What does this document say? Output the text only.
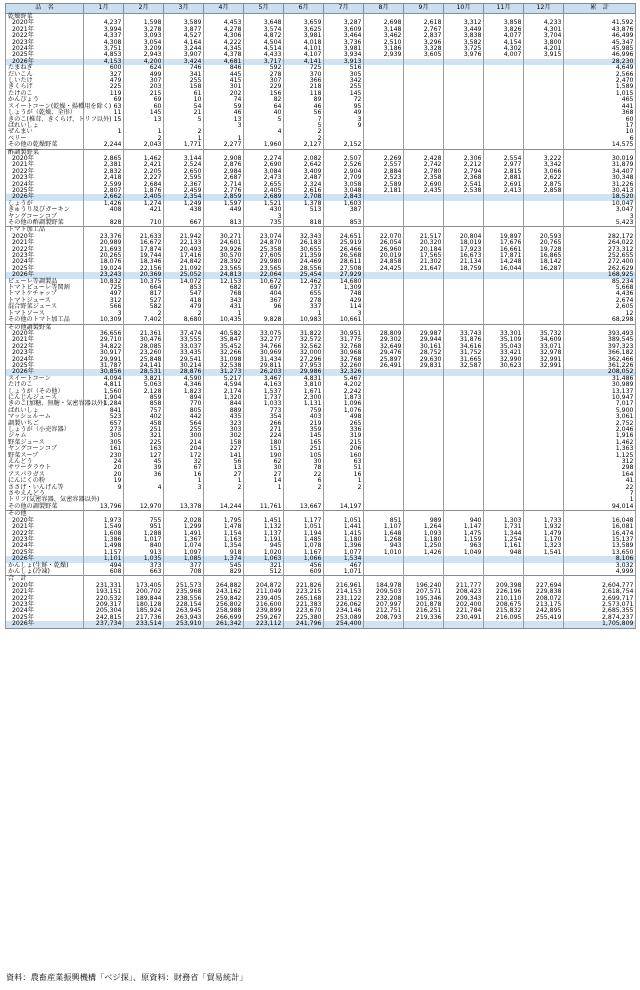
品　名	1月	2月	3月	4月	5月	6月	7月	8月	9月	10月	11月	12月	累　計
乾燥野菜													
2020年	4,237	1,598	3,589	4,453	3,648	3,659	3,287	2,698	2,618	3,312	3,858	4,233	41,592
2021年	3,994	3,278	3,877	4,278	3,574	3,625	3,609	3,148	2,767	3,449	3,826	4,301	43,876
2022年	4,337	3,093	4,527	4,306	4,872	3,981	3,464	3,462	2,837	3,838	4,077	3,704	46,499
2023年	4,308	3,054	4,164	4,222	4,504	4,018	3,736	2,510	3,296	3,582	4,154	3,800	45,347
2024年	3,751	3,209	3,244	4,345	4,514	4,101	3,981	3,186	3,328	3,725	4,302	4,201	45,985
2025年	4,853	2,943	3,907	4,378	4,433	4,107	3,934	2,939	3,605	3,976	4,007	3,915	46,996
2026年	4,153	4,200	3,424	4,681	3,717	4,141	3,913						28,230
たまねぎ	600	624	746	846	592	725	516						4,649
だいこん	327	499	341	445	278	370	305						2,566
しいたけ	479	307	255	415	307	366	342						2,470
きくらげ	225	203	158	301	229	218	255						1,589
たけのこ	119	215	61	202	156	118	145						1,015
かんぴょう	69	69	10	74	82	89	72						465
スイートコーン(乾燥・揚種用を除く)	63	60	54	59	64	46	95						441
しょうが（乾燥、全形）	11	145	21	46	40	56	49						368
きのこ(椎茸、きくらげ、トリフ以外)	15	13	5	13	5	7	3						60
ぱれいしょ				3		5	9						17
ぜんまい	1	1	2		4	2							10
ベリー		2	1	1		2							6
その他の乾燥野菜	2,244	2,043	1,771	2,277	1,960	2,127	2,152						14,575
酢調製野菜													
2020年	2,865	1,462	3,144	2,908	2,274	2,082	2,507	2,269	2,428	2,306	2,554	3,222	30,019
2021年	2,381	2,421	2,524	2,876	2,690	2,642	2,526	2,557	2,742	2,212	2,977	3,342	31,879
2022年	2,832	2,205	2,650	2,984	3,084	3,409	2,904	2,884	2,780	2,794	2,815	3,066	34,407
2023年	2,418	2,227	2,595	2,687	2,473	2,487	2,709	2,523	2,358	2,368	2,881	2,622	30,348
2024年	2,599	2,684	2,367	2,714	2,655	2,324	3,058	2,589	2,690	2,541	2,691	2,875	31,226
2025年	2,807	1,876	2,459	2,776	2,405	2,616	3,048	2,181	2,435	2,538	2,413	2,858	30,413
2026年	2,662	2,405	2,354	2,859	2,689	2,708	2,843						18,520
しょうが	1,426	1,274	1,249	1,597	1,521	1,378	1,603						10,047
きゅうり及びガーキン	408	421	438	449	430	513	387						3,047
ヤングコーンコブ					3								3
その他の酢調製野菜	828	710	667	813	735	818	853						5,423
トマト加工品													
2020年	23,376	21,633	21,942	30,271	23,074	32,343	24,651	22,070	21,517	20,804	19,897	20,593	282,172
2021年	20,989	16,672	22,133	24,601	24,870	26,183	25,919	26,054	20,320	18,019	17,676	20,765	264,022
2022年	21,693	17,874	20,493	29,926	25,358	30,655	26,466	26,960	20,184	17,923	16,661	19,728	273,312
2023年	20,265	19,744	17,416	30,570	27,605	21,359	26,568	20,019	17,565	16,673	17,871	16,865	252,655
2024年	18,076	18,346	24,842	28,392	29,980	24,469	28,611	24,858	21,302	21,134	14,248	18,142	272,400
2025年	19,024	22,156	21,092	23,565	23,565	28,556	27,508	24,425	21,647	18,759	16,044	16,287	262,629
2026年	23,243	20,369	25,052	24,813	22,064	25,454	27,929						168,925
ピューレ等調製品	10,832	10,375	14,072	12,153	10,672	12,462	14,680						85,234
トマトピューレ等関割	725	664	853	682	697	737	1,309						5,668
トマトケチャップ	497	817	547	768	404	655	748						4,436
トマトジュース	312	527	418	343	367	278	429						2,674
混合野菜ジュース	566	582	479	431	96	337	114						2,605
トマトソース	3	2	2	1		1	3						12
その他のトマト加工品	10,309	7,402	8,680	10,435	9,828	10,983	10,661						68,298
その他調製野菜													
2020年	36,656	21,361	37,474	40,582	33,075	31,822	30,951	28,809	29,987	33,743	33,301	35,732	393,493
2021年	29,710	30,476	33,555	35,847	32,277	32,572	31,775	29,302	29,944	31,876	35,109	34,609	389,545
2022年	34,822	28,085	33,037	35,452	34,766	32,562	32,768	32,649	30,161	34,616	35,043	33,071	397,323
2023年	30,917	23,260	33,435	32,266	30,969	32,000	30,968	29,476	28,752	31,752	33,421	32,978	366,182
2024年	29,991	25,848	29,541	31,098	31,434	27,296	32,768	25,897	29,630	31,665	32,990	32,991	362,466
2025年	31,787	24,141	30,214	32,538	29,811	27,953	32,260	26,491	29,831	32,587	30,623	32,991	361,226
2026年	30,856	28,531	28,876	31,273	26,203	29,986	32,326						208,052
スイートコーン	4,094	3,821	4,590	5,217	3,467	4,831	5,467						31,486
たけのこ	4,811	5,063	4,346	4,594	4,163	3,810	4,202						30,989
しょうが（その他）	1,560	2,128	1,823	2,174	1,537	1,671	2,242						13,137
にんじんジュース	1,904	859	894	1,320	1,737	2,300	1,873						10,947
きのこ(加糖、無糖・気密容器以外)	1,284	858	770	844	1,033	1,131	1,096						7,017
ばれいしょ	841	757	805	889	773	759	1,076						5,900
マッシュルーム	523	402	442	435	354	403	498						3,061
調製いちご	657	458	564	323	266	219	265						2,752
しょうが（小売容器）	273	251	255	303	271	359	336						2,046
ジャム	305	321	300	302	224	145	319						1,916
野菜ジュース	305	225	214	158	180	165	215						1,462
ヤングコーンコブ	161	163	204	227	151	251	206						1,363
野菜スープ	230	127	172	141	190	105	160						1,125
えんどう	24	45	32	56	62	30	63						312
サワークラウト	20	39	67	13	30	78	51						298
アスパラガス	20	36	16	27	27	22	16						164
にんにくの粉	19		1	1	14	6	1						41
ささげ・いんげん等	9	4	3	2	1	2	2						22
さやえんどう													7
トリフ(気密容器、気密容器以外)													1
その他の調製野菜	13,796	12,970	13,378	14,244	11,761	13,667	14,197						94,014
その他													
2020年	1,973	755	2,028	1,795	1,451	1,177	1,051	851	989	940	1,303	1,733	16,048
2021年	1,549	951	1,299	1,478	1,132	1,051	1,441	1,107	1,264	1,147	1,731	1,932	16,081
2022年	1,608	1,288	1,491	1,154	1,137	1,194	1,415	1,648	1,093	1,475	1,344	1,479	16,474
2023年	1,386	1,017	1,367	1,163	1,191	1,485	1,180	1,268	1,180	1,159	1,254	1,170	15,137
2024年	1,498	840	1,074	1,354	945	1,078	1,396	943	1,250	963	1,161	1,323	13,589
2025年	1,157	913	1,097	918	1,020	1,167	1,077	1,010	1,426	1,049	948	1,541	13,650
2026年	1,101	1,035	1,085	1,374	1,063	1,066	1,534						8,106
かんしょ(生鮮・乾燥)	494	373	377	545	321	456	467						3,032
かんしょ(冷凍)	608	663	708	829	512	609	1,071						4,999
合　計													
2020年	231,331	173,405	251,573	264,882	204,872	221,826	216,961	184,978	196,240	211,777	209,398	227,694	2,604,777
2021年	193,151	200,702	235,968	243,162	211,049	223,215	214,153	209,503	207,571	208,423	226,196	229,838	2,618,754
2022年	220,532	189,844	238,556	259,842	239,405	265,168	231,122	232,208	195,346	209,343	210,110	208,072	2,699,717
2023年	209,317	180,128	228,154	256,802	216,600	221,383	226,062	207,997	201,878	202,400	208,675	213,175	2,573,071
2024年	205,304	185,924	263,945	258,988	239,899	223,670	234,146	212,751	216,251	221,784	215,832	242,895	2,685,355
2025年	242,815	217,736	263,943	266,699	259,267	225,380	253,089	208,793	219,336	230,491	216,095	255,419	2,874,237
2026年	237,734	233,514	253,910	261,342	223,112	241,796	254,400						1,705,809
資料：農畜産業振興機構「ベジ探」、原資料：財務省「貿易統計」
